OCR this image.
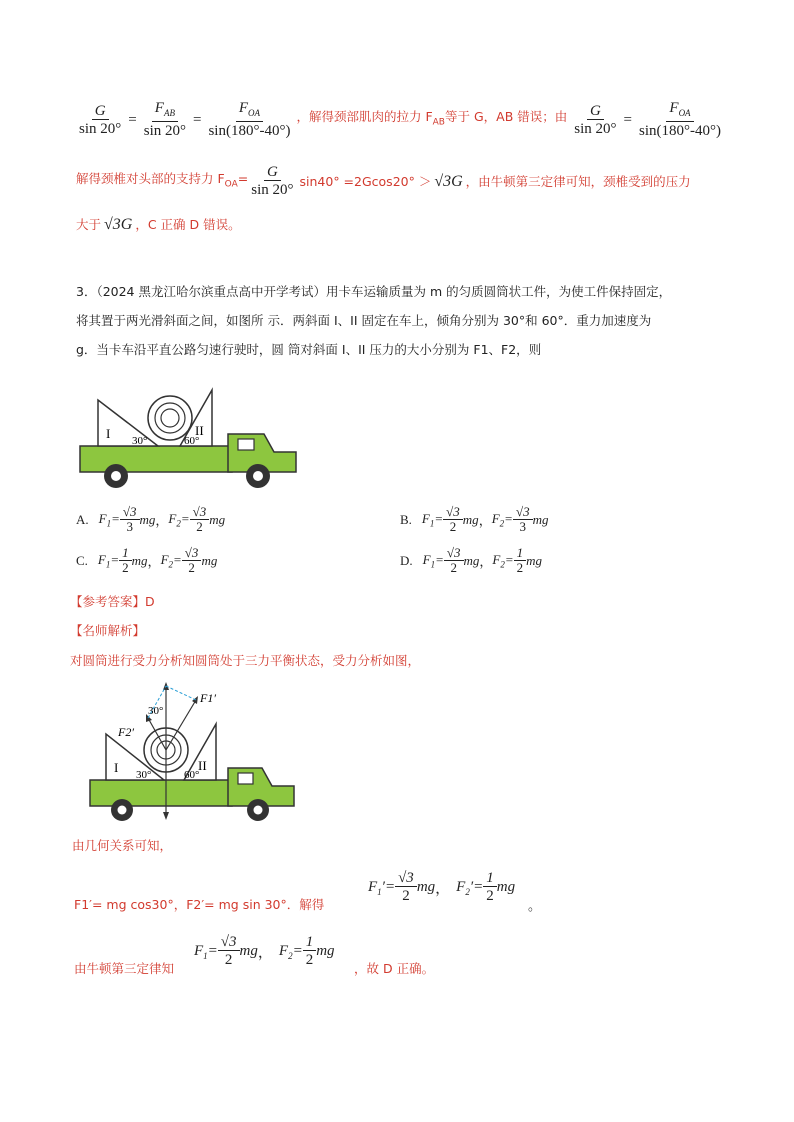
$\frac{G}{\sin 20^\circ} = \frac{F_{AB}}{\sin 20^\circ} = \frac{F_{OA}}{\sin(180^\circ-40^\circ)}$ ，解得颈部肌肉的拉力 $F_{AB}$等于 G，AB 错误；由 $\frac{G}{\sin 20^\circ} = \frac{F_{OA}}{\sin(180^\circ-40^\circ)}$
解得颈椎对头部的支持力 $F_{OA}= \frac{G}{\sin 20^\circ} \sin 40^\circ =2Gcos20^\circ > √3G$ ，由牛顿第三定律可知，颈椎受到的压力
大于 √3G ，C 正确 D 错误。
3．（2024 黑龙江哈尔滨重点高中开学考试）用卡车运输质量为 m 的匀质圆筒状工件，为使工件保持固定，
将其置于两光滑斜面之间，如图所 示．两斜面 I、II 固定在车上，倾角分别为 30°和 60°．重力加速度为
g．当卡车沿平直公路匀速行驶时，圆 筒对斜面 I、II 压力的大小分别为 F1、F2，则
I	II
30°	60°
A. $F_1= \frac{√3}{3}$ mg ， $F_2= \frac{√3}{2}$ mg	B. $F_1= \frac{√3}{2}$ mg ， $F_2= \frac{√3}{3}$ mg
C. $F_1= \frac{1}{2}$ mg ， $F_2= \frac{√3}{2}$ mg	D. $F_1= \frac{√3}{2}$ mg ， $F_2= \frac{1}{2}$ mg
【参考答案】D
【名师解析】
对圆筒进行受力分析知圆筒处于三力平衡状态，受力分析如图，
F1′
F2′
30°
I	II
30°	60°
由几何关系可知，
F1′= mg cos30°，F2′= mg sin 30°．解得
$F_1'= \frac{√3}{2}$ mg ， $F_2'= \frac{1}{2}$ mg
。
由牛顿第三定律知
$F_1= \frac{√3}{2}$ mg ， $F_2= \frac{1}{2}$ mg
，故 D 正确。
